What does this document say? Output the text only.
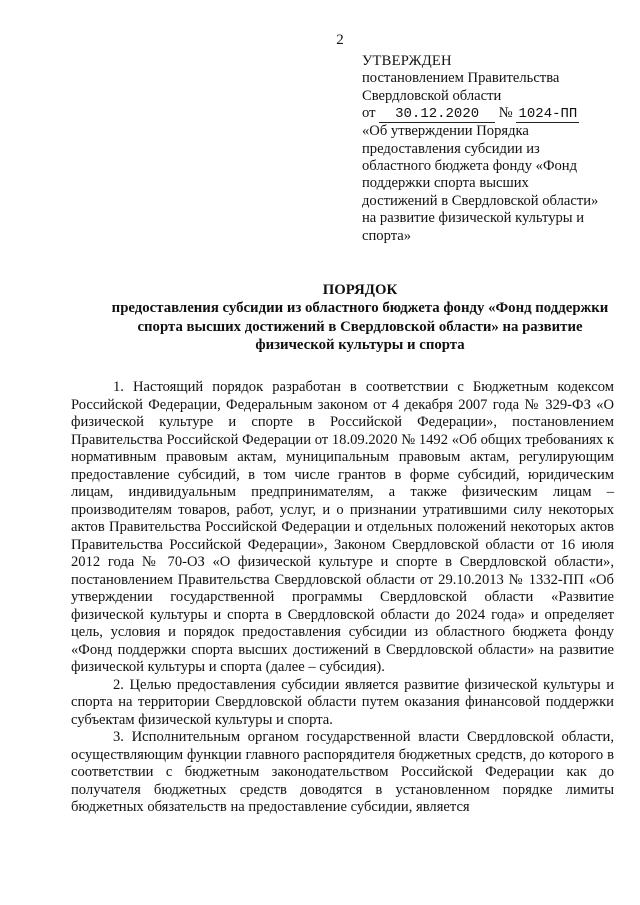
2
УТВЕРЖДЕН
постановлением Правительства
Свердловской области
от 30.12.2020 № 1024-ПП
«Об утверждении Порядка
предоставления субсидии из
областного бюджета фонду «Фонд
поддержки спорта высших
достижений в Свердловской области»
на развитие физической культуры и
спорта»
ПОРЯДОК
предоставления субсидии из областного бюджета фонду «Фонд поддержки
спорта высших достижений в Свердловской области» на развитие
физической культуры и спорта

1. Настоящий порядок разработан в соответствии с Бюджетным кодексом Российской Федерации, Федеральным законом от 4 декабря 2007 года № 329-ФЗ «О физической культуре и спорте в Российской Федерации», постановлением Правительства Российской Федерации от 18.09.2020 № 1492 «Об общих требованиях к нормативным правовым актам, муниципальным правовым актам, регулирующим предоставление субсидий, в том числе грантов в форме субсидий, юридическим лицам, индивидуальным предпринимателям, а также физическим лицам – производителям товаров, работ, услуг, и о признании утратившими силу некоторых актов Правительства Российской Федерации и отдельных положений некоторых актов Правительства Российской Федерации», Законом Свердловской области от 16 июля 2012 года № 70-ОЗ «О физической культуре и спорте в Свердловской области», постановлением Правительства Свердловской области от 29.10.2013 № 1332-ПП «Об утверждении государственной программы Свердловской области «Развитие физической культуры и спорта в Свердловской области до 2024 года» и определяет цель, условия и порядок предоставления субсидии из областного бюджета фонду «Фонд поддержки спорта высших достижений в Свердловской области» на развитие физической культуры и спорта (далее – субсидия).

2. Целью предоставления субсидии является развитие физической культуры и спорта на территории Свердловской области путем оказания финансовой поддержки субъектам физической культуры и спорта.

3. Исполнительным органом государственной власти Свердловской области, осуществляющим функции главного распорядителя бюджетных средств, до которого в соответствии с бюджетным законодательством Российской Федерации как до получателя бюджетных средств доводятся в установленном порядке лимиты бюджетных обязательств на предоставление субсидии, является
